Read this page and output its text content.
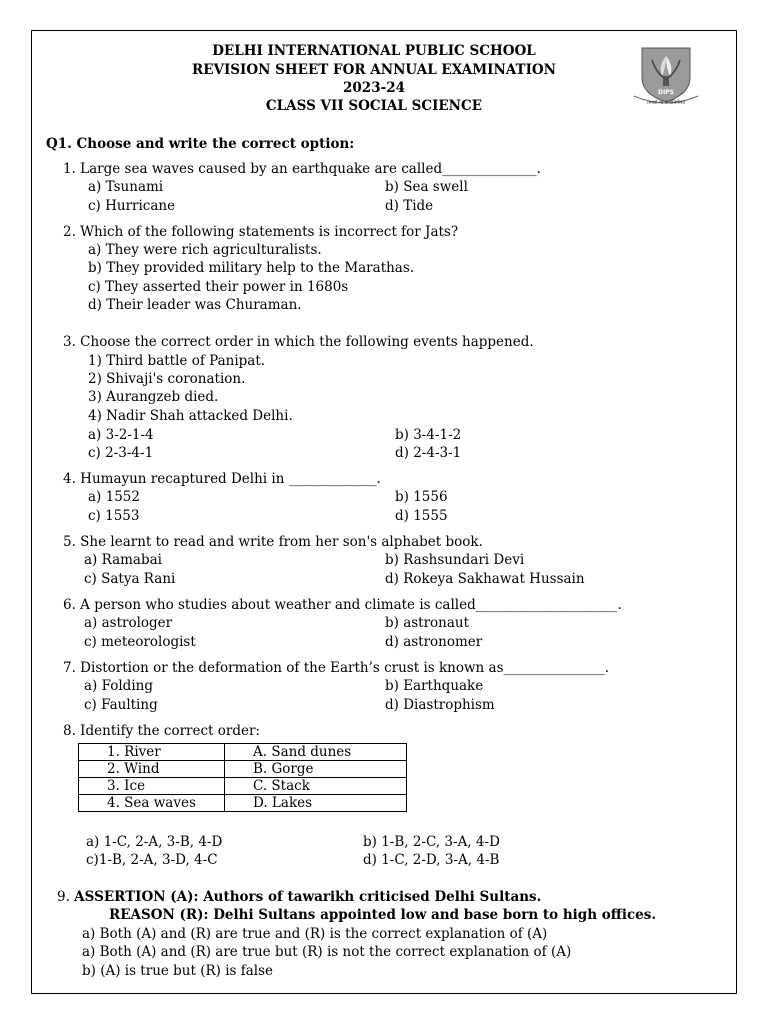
DELHI INTERNATIONAL PUBLIC SCHOOL
REVISION SHEET FOR ANNUAL EXAMINATION
2023-24
CLASS VII SOCIAL SCIENCE
DIPS
तमसो मा ज्योतिर्गमय
Q1. Choose and write the correct option:
1. Large sea waves caused by an earthquake are called______________.
a) Tsunami	b) Sea swell
c) Hurricane	d) Tide
2. Which of the following statements is incorrect for Jats?
a) They were rich agriculturalists.
b) They provided military help to the Marathas.
c) They asserted their power in 1680s
d) Their leader was Churaman.
3. Choose the correct order in which the following events happened.
1) Third battle of Panipat.
2) Shivaji's coronation.
3) Aurangzeb died.
4) Nadir Shah attacked Delhi.
a) 3-2-1-4	b) 3-4-1-2
c) 2-3-4-1	d) 2-4-3-1
4. Humayun recaptured Delhi in _____________.
a) 1552	b) 1556
c) 1553	d) 1555
5. She learnt to read and write from her son's alphabet book.
a) Ramabai	b) Rashsundari Devi
c) Satya Rani	d) Rokeya Sakhawat Hussain
6. A person who studies about weather and climate is called_____________________.
a) astrologer	b) astronaut
c) meteorologist	d) astronomer
7. Distortion or the deformation of the Earth’s crust is known as_______________.
a) Folding	b) Earthquake
c) Faulting	d) Diastrophism
8. Identify the correct order:
1. River	A. Sand dunes
2. Wind	B. Gorge
3. Ice	C. Stack
4. Sea waves	D. Lakes
a) 1-C, 2-A, 3-B, 4-D	b) 1-B, 2-C, 3-A, 4-D
c)1-B, 2-A, 3-D, 4-C	d) 1-C, 2-D, 3-A, 4-B
9. ASSERTION (A): Authors of tawarikh criticised Delhi Sultans.
REASON (R): Delhi Sultans appointed low and base born to high offices.
a) Both (A) and (R) are true and (R) is the correct explanation of (A)
a) Both (A) and (R) are true but (R) is not the correct explanation of (A)
b) (A) is true but (R) is false
